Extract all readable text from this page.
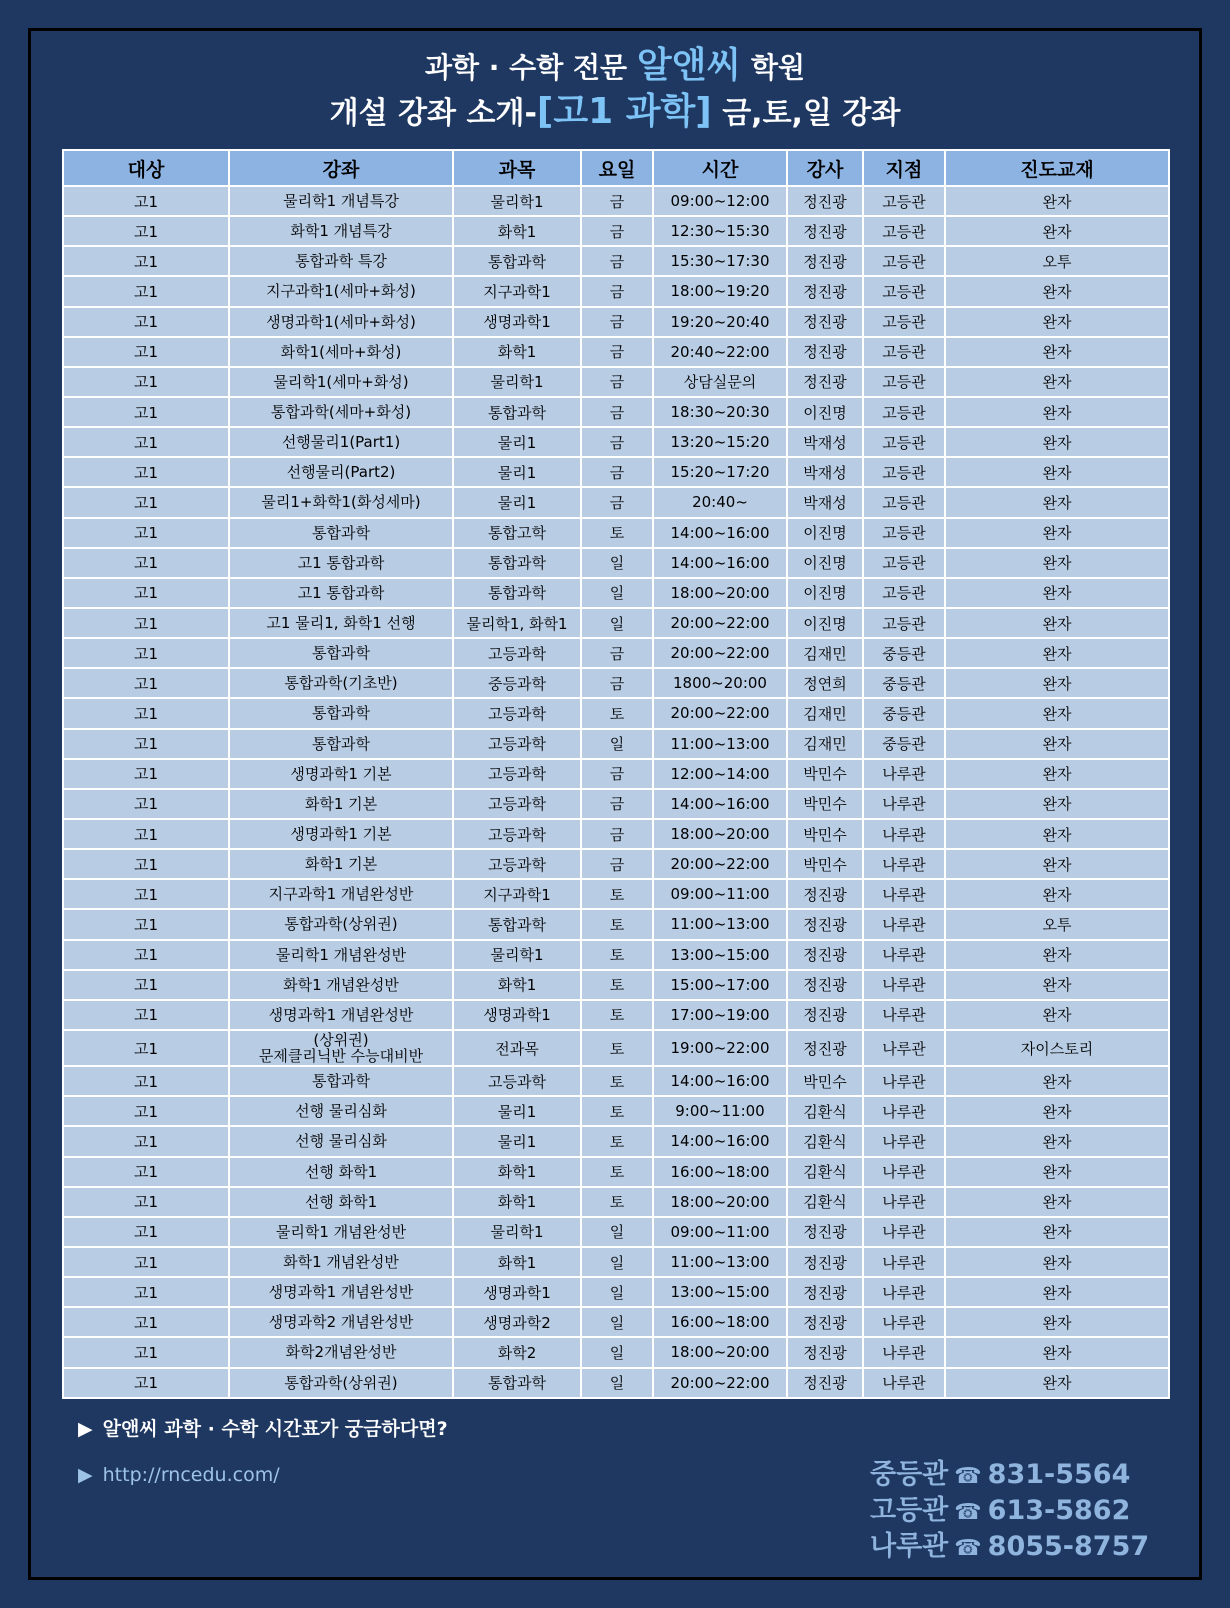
과학 · 수학 전문 알앤씨 학원
개설 강좌 소개-[고1 과학] 금,토,일 강좌
대상	강좌	과목	요일	시간	강사	지점	진도교재
고1	물리학1 개념특강	물리학1	금	09:00~12:00	정진광	고등관	완자
고1	화학1 개념특강	화학1	금	12:30~15:30	정진광	고등관	완자
고1	통합과학 특강	통합과학	금	15:30~17:30	정진광	고등관	오투
고1	지구과학1(세마+화성)	지구과학1	금	18:00~19:20	정진광	고등관	완자
고1	생명과학1(세마+화성)	생명과학1	금	19:20~20:40	정진광	고등관	완자
고1	화학1(세마+화성)	화학1	금	20:40~22:00	정진광	고등관	완자
고1	물리학1(세마+화성)	물리학1	금	상담실문의	정진광	고등관	완자
고1	통합과학(세마+화성)	통합과학	금	18:30~20:30	이진명	고등관	완자
고1	선행물리1(Part1)	물리1	금	13:20~15:20	박재성	고등관	완자
고1	선행물리(Part2)	물리1	금	15:20~17:20	박재성	고등관	완자
고1	물리1+화학1(화성세마)	물리1	금	20:40~	박재성	고등관	완자
고1	통합과학	통합고학	토	14:00~16:00	이진명	고등관	완자
고1	고1 통합과학	통합과학	일	14:00~16:00	이진명	고등관	완자
고1	고1 통합과학	통합과학	일	18:00~20:00	이진명	고등관	완자
고1	고1 물리1, 화학1 선행	물리학1, 화학1	일	20:00~22:00	이진명	고등관	완자
고1	통합과학	고등과학	금	20:00~22:00	김재민	중등관	완자
고1	통합과학(기초반)	중등과학	금	1800~20:00	정연희	중등관	완자
고1	통합과학	고등과학	토	20:00~22:00	김재민	중등관	완자
고1	통합과학	고등과학	일	11:00~13:00	김재민	중등관	완자
고1	생명과학1 기본	고등과학	금	12:00~14:00	박민수	나루관	완자
고1	화학1 기본	고등과학	금	14:00~16:00	박민수	나루관	완자
고1	생명과학1 기본	고등과학	금	18:00~20:00	박민수	나루관	완자
고1	화학1 기본	고등과학	금	20:00~22:00	박민수	나루관	완자
고1	지구과학1 개념완성반	지구과학1	토	09:00~11:00	정진광	나루관	완자
고1	통합과학(상위권)	통합과학	토	11:00~13:00	정진광	나루관	오투
고1	물리학1 개념완성반	물리학1	토	13:00~15:00	정진광	나루관	완자
고1	화학1 개념완성반	화학1	토	15:00~17:00	정진광	나루관	완자
고1	생명과학1 개념완성반	생명과학1	토	17:00~19:00	정진광	나루관	완자
고1	(상위권)
문제클리닉반 수능대비반	전과목	토	19:00~22:00	정진광	나루관	자이스토리
고1	통합과학	고등과학	토	14:00~16:00	박민수	나루관	완자
고1	선행 물리심화	물리1	토	9:00~11:00	김환식	나루관	완자
고1	선행 물리심화	물리1	토	14:00~16:00	김환식	나루관	완자
고1	선행 화학1	화학1	토	16:00~18:00	김환식	나루관	완자
고1	선행 화학1	화학1	토	18:00~20:00	김환식	나루관	완자
고1	물리학1 개념완성반	물리학1	일	09:00~11:00	정진광	나루관	완자
고1	화학1 개념완성반	화학1	일	11:00~13:00	정진광	나루관	완자
고1	생명과학1 개념완성반	생명과학1	일	13:00~15:00	정진광	나루관	완자
고1	생명과학2 개념완성반	생명과학2	일	16:00~18:00	정진광	나루관	완자
고1	화학2개념완성반	화학2	일	18:00~20:00	정진광	나루관	완자
고1	통합과학(상위권)	통합과학	일	20:00~22:00	정진광	나루관	완자
▶ 알앤씨 과학 · 수학 시간표가 궁금하다면?
▶ http://rncedu.com/	중등관 ☎ 831-5564
고등관 ☎ 613-5862
나루관 ☎ 8055-8757
